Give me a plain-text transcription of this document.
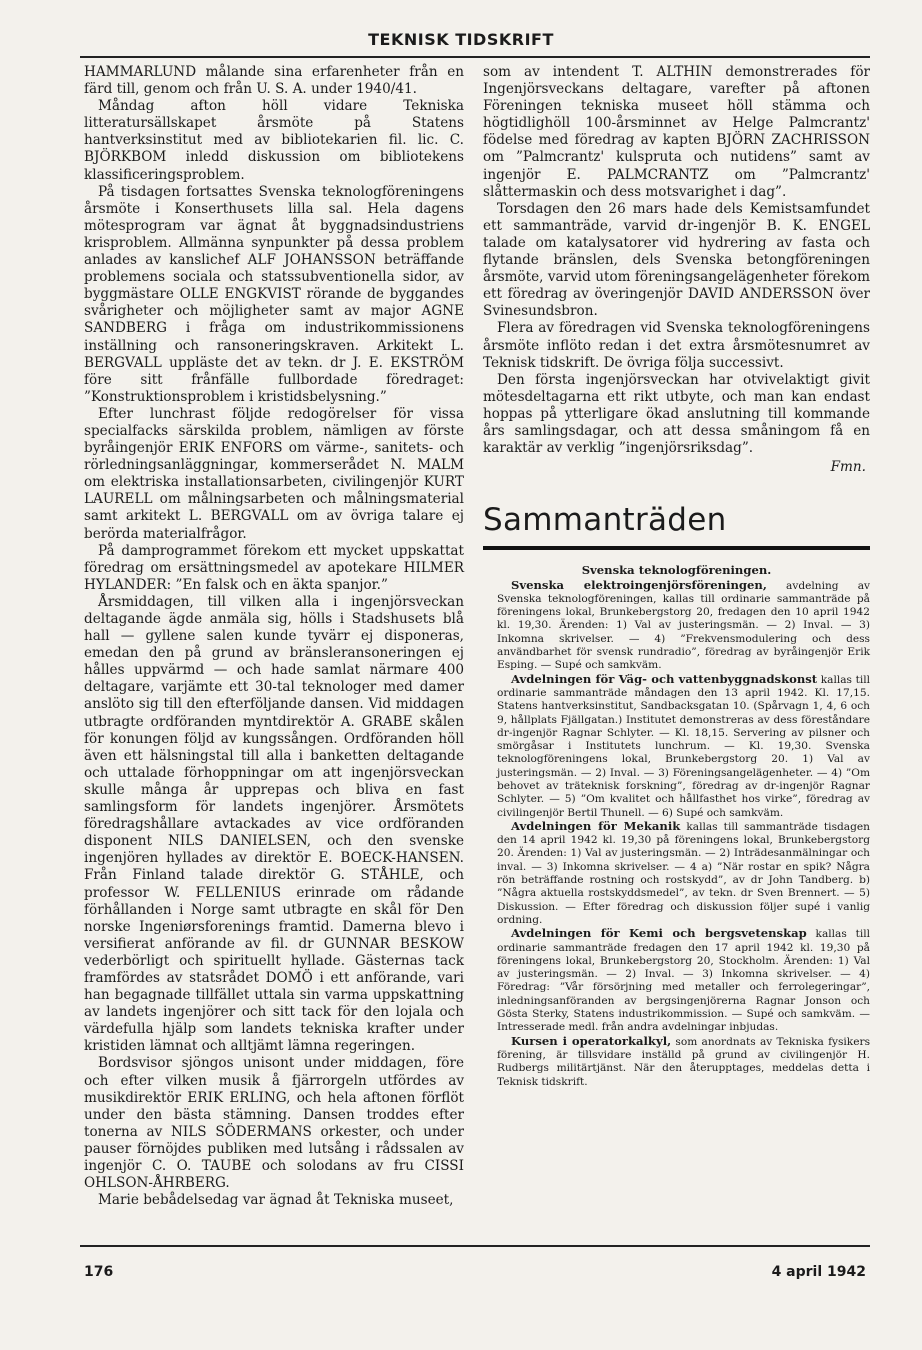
TEKNISK TIDSKRIFT

HAMMARLUND målande sina erfarenheter från en färd till, genom och från U. S. A. under 1940/41.

Måndag afton höll vidare Tekniska litteratursällskapet årsmöte på Statens hantverksinstitut med av bibliotekarien fil. lic. C. BJÖRKBOM inledd diskussion om bibliotekens klassificeringsproblem.

På tisdagen fortsattes Svenska teknologföreningens årsmöte i Konserthusets lilla sal. Hela dagens mötesprogram var ägnat åt byggnadsindustriens krisproblem. Allmänna synpunkter på dessa problem anlades av kanslichef ALF JOHANSSON beträffande problemens sociala och statssubventionella sidor, av byggmästare OLLE ENGKVIST rörande de byggandes svårigheter och möjligheter samt av major AGNE SANDBERG i fråga om industrikommissionens inställning och ransoneringskraven. Arkitekt L. BERGVALL uppläste det av tekn. dr J. E. EKSTRÖM före sitt frånfälle fullbordade föredraget: ”Konstruktionsproblem i kristidsbelysning.”

Efter lunchrast följde redogörelser för vissa specialfacks särskilda problem, nämligen av förste byråingenjör ERIK ENFORS om värme-, sanitets- och rörledningsanläggningar, kommerserådet N. MALM om elektriska installationsarbeten, civilingenjör KURT LAURELL om målningsarbeten och målningsmaterial samt arkitekt L. BERGVALL om av övriga talare ej berörda materialfrågor.

På damprogrammet förekom ett mycket uppskattat föredrag om ersättningsmedel av apotekare HILMER HYLANDER: ”En falsk och en äkta spanjor.”

Årsmiddagen, till vilken alla i ingenjörsveckan deltagande ägde anmäla sig, hölls i Stadshusets blå hall — gyllene salen kunde tyvärr ej disponeras, emedan den på grund av bränsleransoneringen ej hålles uppvärmd — och hade samlat närmare 400 deltagare, varjämte ett 30-tal teknologer med damer anslöto sig till den efterföljande dansen. Vid middagen utbragte ordföranden myntdirektör A. GRABE skålen för konungen följd av kungssången. Ordföranden höll även ett hälsningstal till alla i banketten deltagande och uttalade förhoppningar om att ingenjörsveckan skulle många år upprepas och bliva en fast samlingsform för landets ingenjörer. Årsmötets föredragshållare avtackades av vice ordföranden disponent NILS DANIELSEN, och den svenske ingenjören hyllades av direktör E. BOECK-HANSEN. Från Finland talade direktör G. STÅHLE, och professor W. FELLENIUS erinrade om rådande förhållanden i Norge samt utbragte en skål för Den norske Ingeniørsforenings framtid. Damerna blevo i versifierat anförande av fil. dr GUNNAR BESKOW vederbörligt och spirituellt hyllade. Gästernas tack framfördes av statsrådet DOMÖ i ett anförande, vari han begagnade tillfället uttala sin varma uppskattning av landets ingenjörer och sitt tack för den lojala och värdefulla hjälp som landets tekniska krafter under kristiden lämnat och alltjämt lämna regeringen.

Bordsvisor sjöngos unisont under middagen, före och efter vilken musik å fjärrorgeln utfördes av musikdirektör ERIK ERLING, och hela aftonen förflöt under den bästa stämning. Dansen troddes efter tonerna av NILS SÖDERMANS orkester, och under pauser förnöjdes publiken med lutsång i rådssalen av ingenjör C. O. TAUBE och solodans av fru CISSI OHLSON-ÅHRBERG.

Marie bebådelsedag var ägnad åt Tekniska museet,

som av intendent T. ALTHIN demonstrerades för Ingenjörsveckans deltagare, varefter på aftonen Föreningen tekniska museet höll stämma och högtidlighöll 100-årsminnet av Helge Palmcrantz' födelse med föredrag av kapten BJÖRN ZACHRISSON om ”Palmcrantz' kulspruta och nutidens” samt av ingenjör E. PALMCRANTZ om ”Palmcrantz' slåttermaskin och dess motsvarighet i dag”.

Torsdagen den 26 mars hade dels Kemistsamfundet ett sammanträde, varvid dr-ingenjör B. K. ENGEL talade om katalysatorer vid hydrering av fasta och flytande bränslen, dels Svenska betongföreningen årsmöte, varvid utom föreningsangelägenheter förekom ett föredrag av överingenjör DAVID ANDERSSON över Svinesundsbron.

Flera av föredragen vid Svenska teknologföreningens årsmöte inflöto redan i det extra årsmötesnumret av Teknisk tidskrift. De övriga följa successivt.

Den första ingenjörsveckan har otvivelaktigt givit mötesdeltagarna ett rikt utbyte, och man kan endast hoppas på ytterligare ökad anslutning till kommande års samlingsdagar, och att dessa småningom få en karaktär av verklig ”ingenjörsriksdag”.

Fmn.
Sammanträden
Svenska teknologföreningen.

Svenska elektroingenjörsföreningen, avdelning av Svenska teknologföreningen, kallas till ordinarie sammanträde på föreningens lokal, Brunkebergstorg 20, fredagen den 10 april 1942 kl. 19,30. Ärenden: 1) Val av justeringsmän. — 2) Inval. — 3) Inkomna skrivelser. — 4) ”Frekvensmodulering och dess användbarhet för svensk rundradio”, föredrag av byråingenjör Erik Esping. — Supé och samkväm.

Avdelningen för Väg- och vattenbyggnadskonst kallas till ordinarie sammanträde måndagen den 13 april 1942. Kl. 17,15. Statens hantverksinstitut, Sandbacksgatan 10. (Spårvagn 1, 4, 6 och 9, hållplats Fjällgatan.) Institutet demonstreras av dess föreståndare dr-ingenjör Ragnar Schlyter. — Kl. 18,15. Servering av pilsner och smörgåsar i Institutets lunchrum. — Kl. 19,30. Svenska teknologföreningens lokal, Brunkebergstorg 20. 1) Val av justeringsmän. — 2) Inval. — 3) Föreningsangelägenheter. — 4) ”Om behovet av träteknisk forskning”, föredrag av dr-ingenjör Ragnar Schlyter. — 5) ”Om kvalitet och hållfasthet hos virke”, föredrag av civilingenjör Bertil Thunell. — 6) Supé och samkväm.

Avdelningen för Mekanik kallas till sammanträde tisdagen den 14 april 1942 kl. 19,30 på föreningens lokal, Brunkebergstorg 20. Ärenden: 1) Val av justeringsmän. — 2) Inträdesanmälningar och inval. — 3) Inkomna skrivelser. — 4 a) ”När rostar en spik? Några rön beträffande rostning och rostskydd”, av dr John Tandberg. b) ”Några aktuella rostskyddsmedel”, av tekn. dr Sven Brennert. — 5) Diskussion. — Efter föredrag och diskussion följer supé i vanlig ordning.

Avdelningen för Kemi och bergsvetenskap kallas till ordinarie sammanträde fredagen den 17 april 1942 kl. 19,30 på föreningens lokal, Brunkebergstorg 20, Stockholm. Ärenden: 1) Val av justeringsmän. — 2) Inval. — 3) Inkomna skrivelser. — 4) Föredrag: ”Vår försörjning med metaller och ferrolegeringar”, inledningsanföranden av bergsingenjörerna Ragnar Jonson och Gösta Sterky, Statens industrikommission. — Supé och samkväm. — Intresserade medl. från andra avdelningar inbjudas.

Kursen i operatorkalkyl, som anordnats av Tekniska fysikers förening, är tillsvidare inställd på grund av civilingenjör H. Rudbergs militärtjänst. När den återupptages, meddelas detta i Teknisk tidskrift.

176	4 april 1942
